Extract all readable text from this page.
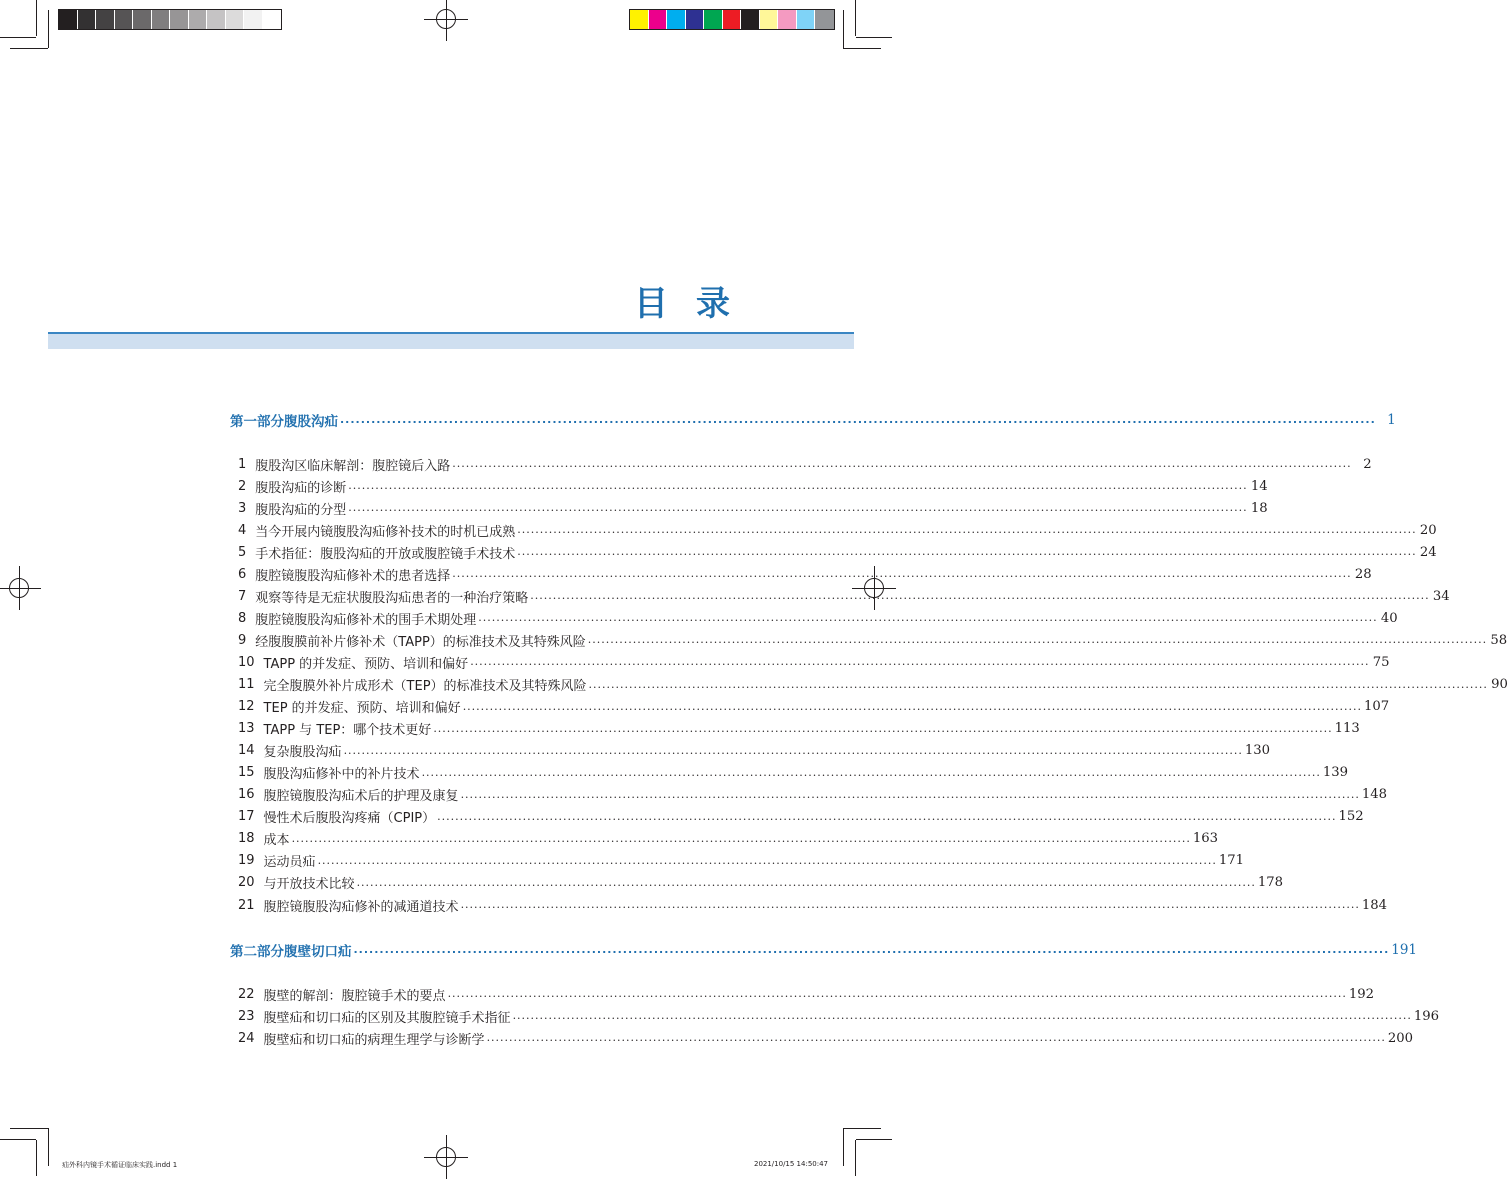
目录
第一部分 腹股沟疝 ........................................................................................................................................................................................................ 1
1 腹股沟区临床解剖：腹腔镜后入路 ........................................................................................................................................................................................................ 2
2 腹股沟疝的诊断 ........................................................................................................................................................................................................ 14
3 腹股沟疝的分型 ........................................................................................................................................................................................................ 18
4 当今开展内镜腹股沟疝修补技术的时机已成熟 ........................................................................................................................................................................................................ 20
5 手术指征：腹股沟疝的开放或腹腔镜手术技术 ........................................................................................................................................................................................................ 24
6 腹腔镜腹股沟疝修补术的患者选择 ........................................................................................................................................................................................................ 28
7 观察等待是无症状腹股沟疝患者的一种治疗策略 ........................................................................................................................................................................................................ 34
8 腹腔镜腹股沟疝修补术的围手术期处理 ........................................................................................................................................................................................................ 40
9 经腹腹膜前补片修补术（TAPP）的标准技术及其特殊风险 ........................................................................................................................................................................................................ 58
10 TAPP 的并发症、预防、培训和偏好 ........................................................................................................................................................................................................ 75
11 完全腹膜外补片成形术（TEP）的标准技术及其特殊风险 ........................................................................................................................................................................................................ 90
12 TEP 的并发症、预防、培训和偏好 ........................................................................................................................................................................................................ 107
13 TAPP 与 TEP：哪个技术更好 ........................................................................................................................................................................................................ 113
14 复杂腹股沟疝 ........................................................................................................................................................................................................ 130
15 腹股沟疝修补中的补片技术 ........................................................................................................................................................................................................ 139
16 腹腔镜腹股沟疝术后的护理及康复 ........................................................................................................................................................................................................ 148
17 慢性术后腹股沟疼痛（CPIP） ........................................................................................................................................................................................................ 152
18 成本 ........................................................................................................................................................................................................ 163
19 运动员疝 ........................................................................................................................................................................................................ 171
20 与开放技术比较 ........................................................................................................................................................................................................ 178
21 腹腔镜腹股沟疝修补的减通道技术 ........................................................................................................................................................................................................ 184
第二部分 腹壁切口疝 ........................................................................................................................................................................................................ 191
22 腹壁的解剖：腹腔镜手术的要点 ........................................................................................................................................................................................................ 192
23 腹壁疝和切口疝的区别及其腹腔镜手术指征 ........................................................................................................................................................................................................ 196
24 腹壁疝和切口疝的病理生理学与诊断学 ........................................................................................................................................................................................................ 200
疝外科内镜手术循证临床实践.indd 1	2021/10/15 14:50:47
